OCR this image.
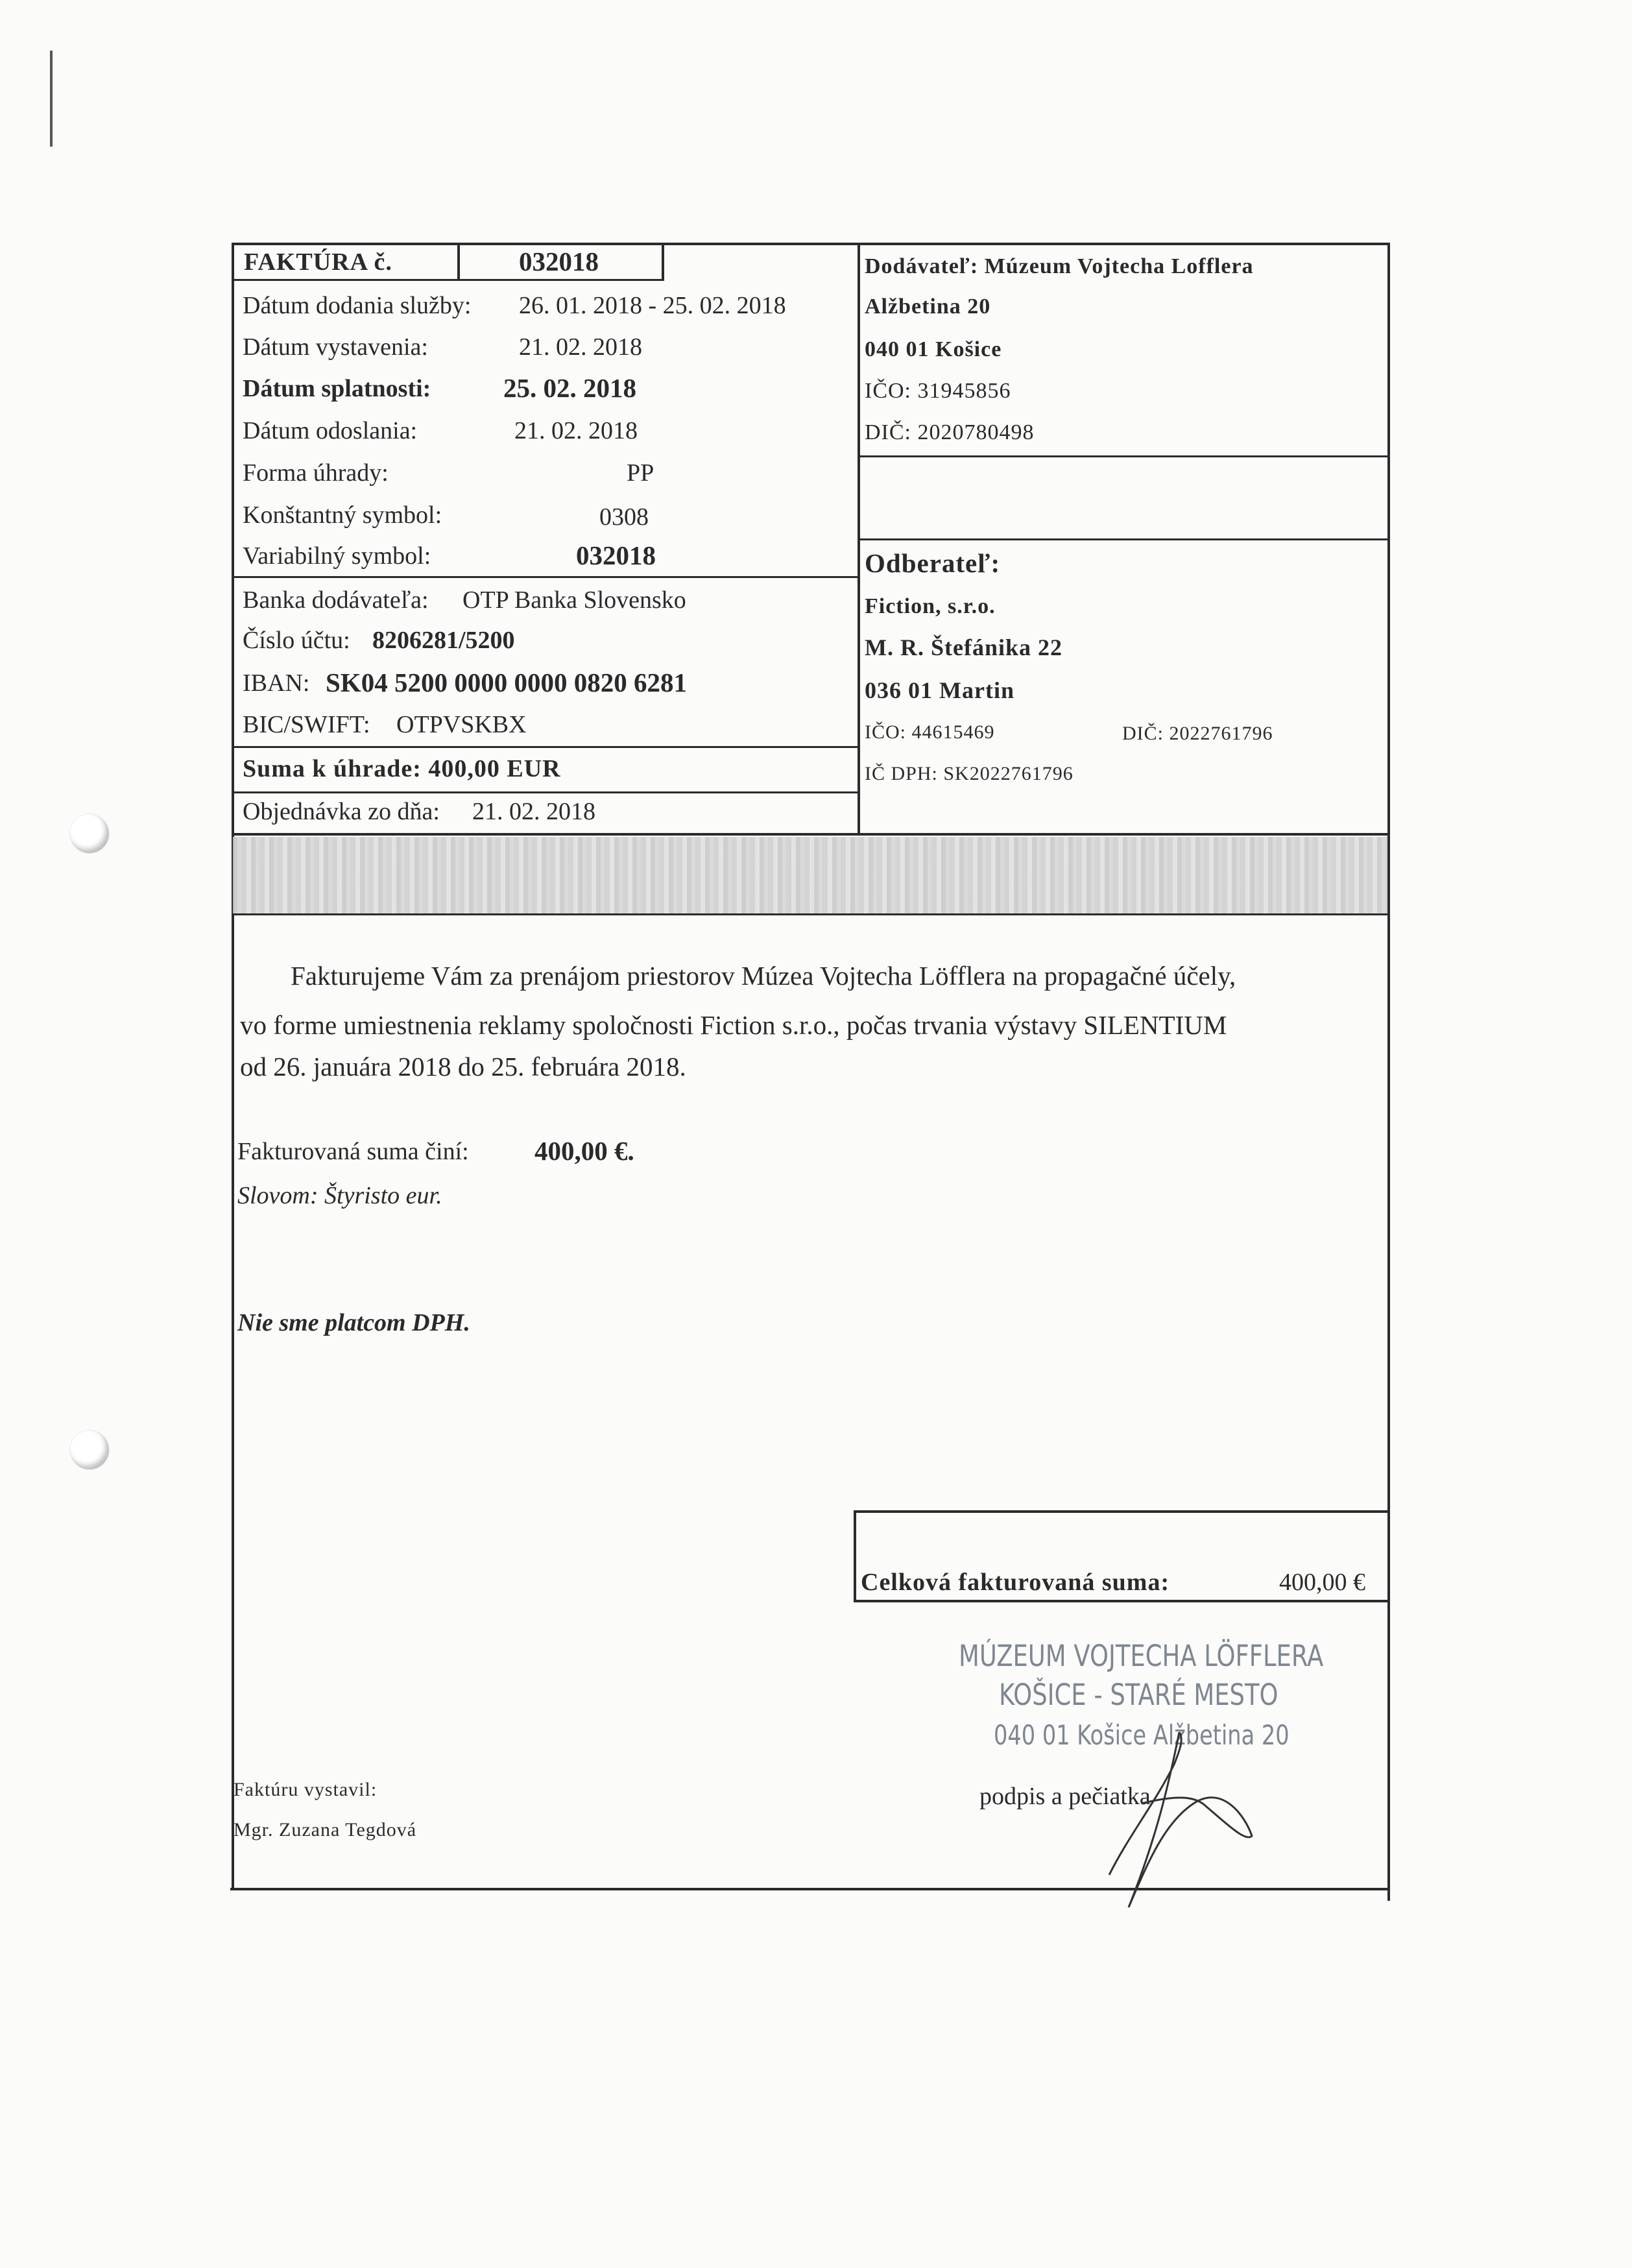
FAKTÚRA č.	032018
Dátum dodania služby: 26. 01. 2018 - 25. 02. 2018
Dátum vystavenia:	21. 02. 2018
Dátum splatnosti:	25. 02. 2018
Dátum odoslania:	21. 02. 2018
Forma úhrady:	PP
Konštantný symbol:	0308
Variabilný symbol:	032018
Banka dodávateľa: OTP Banka Slovensko
Číslo účtu: 8206281/5200
IBAN: SK04 5200 0000 0000 0820 6281
BIC/SWIFT: OTPVSKBX
Suma k úhrade: 400,00 EUR
Objednávka zo dňa: 21. 02. 2018
Dodávateľ: Múzeum Vojtecha Lofflera
Alžbetina 20
040 01 Košice
IČO: 31945856
DIČ: 2020780498
Odberateľ:
Fiction, s.r.o.
M. R. Štefánika 22
036 01 Martin
IČO: 44615469	DIČ: 2022761796
IČ DPH: SK2022761796
Fakturujeme Vám za prenájom priestorov Múzea Vojtecha Löfflera na propagačné účely,
vo forme umiestnenia reklamy spoločnosti Fiction s.r.o., počas trvania výstavy SILENTIUM
od 26. januára 2018 do 25. februára 2018.
Fakturovaná suma činí: 400,00 €.
Slovom: Štyristo eur.
Nie sme platcom DPH.
Celková fakturovaná suma:	400,00 €
MÚZEUM VOJTECHA LÖFFLERA
KOŠICE - STARÉ MESTO
040 01 Košice Alžbetina 20
podpis a pečiatka
Faktúru vystavil:
Mgr. Zuzana Tegdová
